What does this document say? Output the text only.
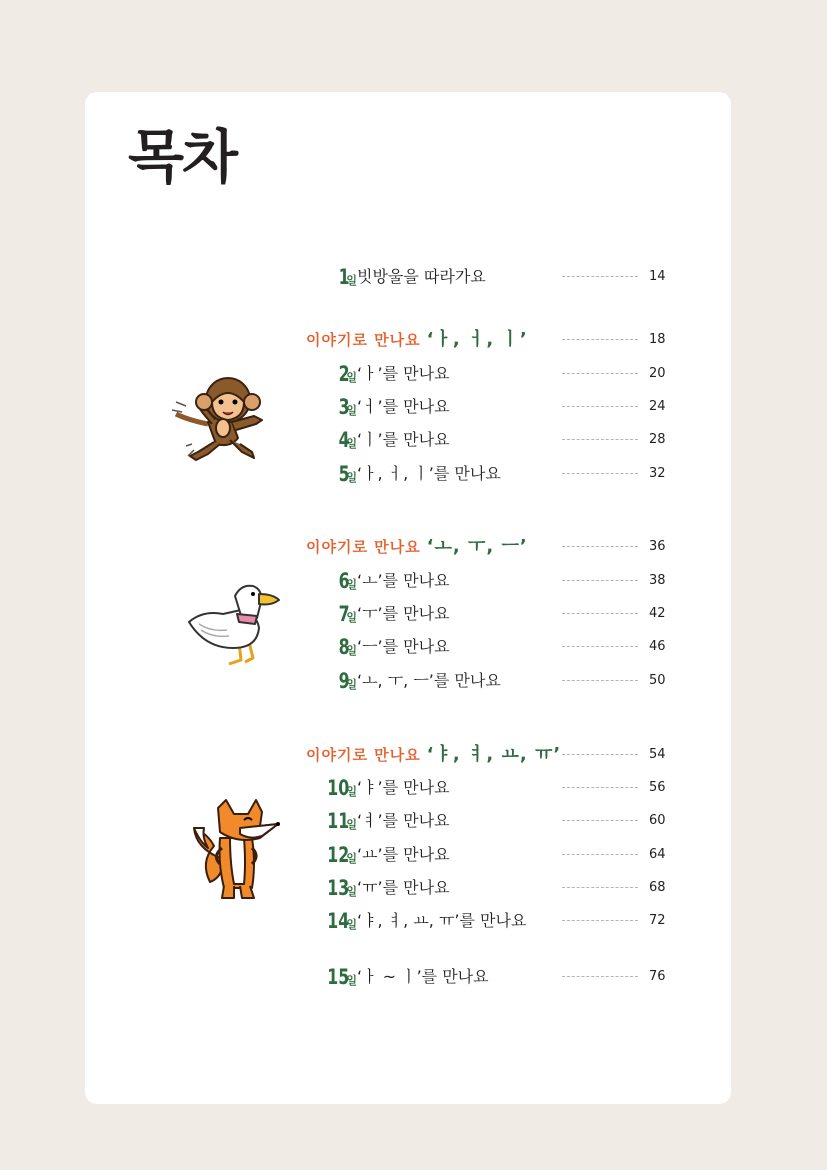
목차
1일 빗방울을 따라가요	14
이야기로 만나요 ‘ㅏ, ㅓ, ㅣ’	18
2일 ‘ㅏ’를 만나요	20
3일 ‘ㅓ’를 만나요	24
4일 ‘ㅣ’를 만나요	28
5일 ‘ㅏ, ㅓ, ㅣ’를 만나요	32
이야기로 만나요 ‘ㅗ, ㅜ, ㅡ’	36
6일 ‘ㅗ’를 만나요	38
7일 ‘ㅜ’를 만나요	42
8일 ‘ㅡ’를 만나요	46
9일 ‘ㅗ, ㅜ, ㅡ’를 만나요	50
이야기로 만나요 ‘ㅑ, ㅕ, ㅛ, ㅠ’	54
10일 ‘ㅑ’를 만나요	56
11일 ‘ㅕ’를 만나요	60
12일 ‘ㅛ’를 만나요	64
13일 ‘ㅠ’를 만나요	68
14일 ‘ㅑ, ㅕ, ㅛ, ㅠ’를 만나요	72
15일 ‘ㅏ ~ ㅣ’를 만나요	76
